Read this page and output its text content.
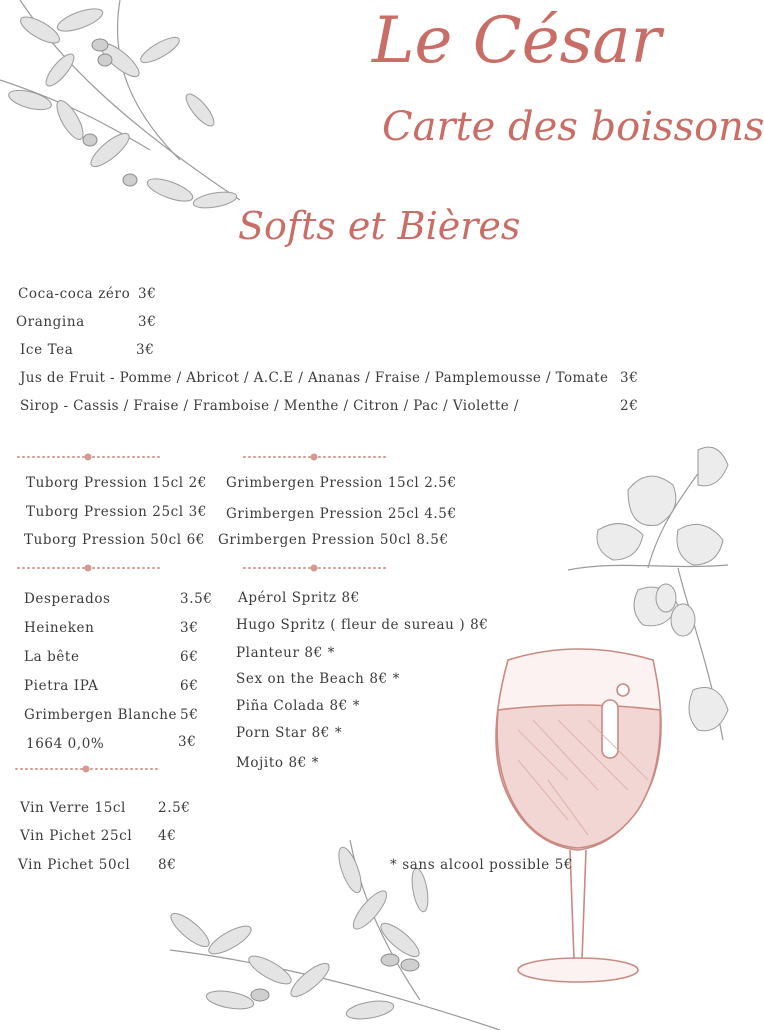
Le César
Carte des boissons
Softs et Bières
Coca-coca zéro 3€
Orangina	3€
Ice Tea	3€
Jus de Fruit - Pomme / Abricot / A.C.E / Ananas / Fraise / Pamplemousse / Tomate 3€
Sirop - Cassis / Fraise / Framboise / Menthe / Citron / Pac / Violette /	2€
Tuborg Pression 15cl 2€
Tuborg Pression 25cl 3€
Tuborg Pression 50cl 6€
Grimbergen Pression 15cl 2.5€
Grimbergen Pression 25cl 4.5€
Grimbergen Pression 50cl 8.5€
Desperados	3.5€
Heineken	3€
La bête	6€
Pietra IPA	6€
Grimbergen Blanche 5€
1664 0,0%	3€
Apérol Spritz 8€
Hugo Spritz ( fleur de sureau ) 8€
Planteur 8€ *
Sex on the Beach 8€ *
Piña Colada 8€ *
Porn Star 8€ *
Mojito 8€ *
Vin Verre 15cl 2.5€
Vin Pichet 25cl 4€
Vin Pichet 50cl 8€	* sans alcool possible 5€
